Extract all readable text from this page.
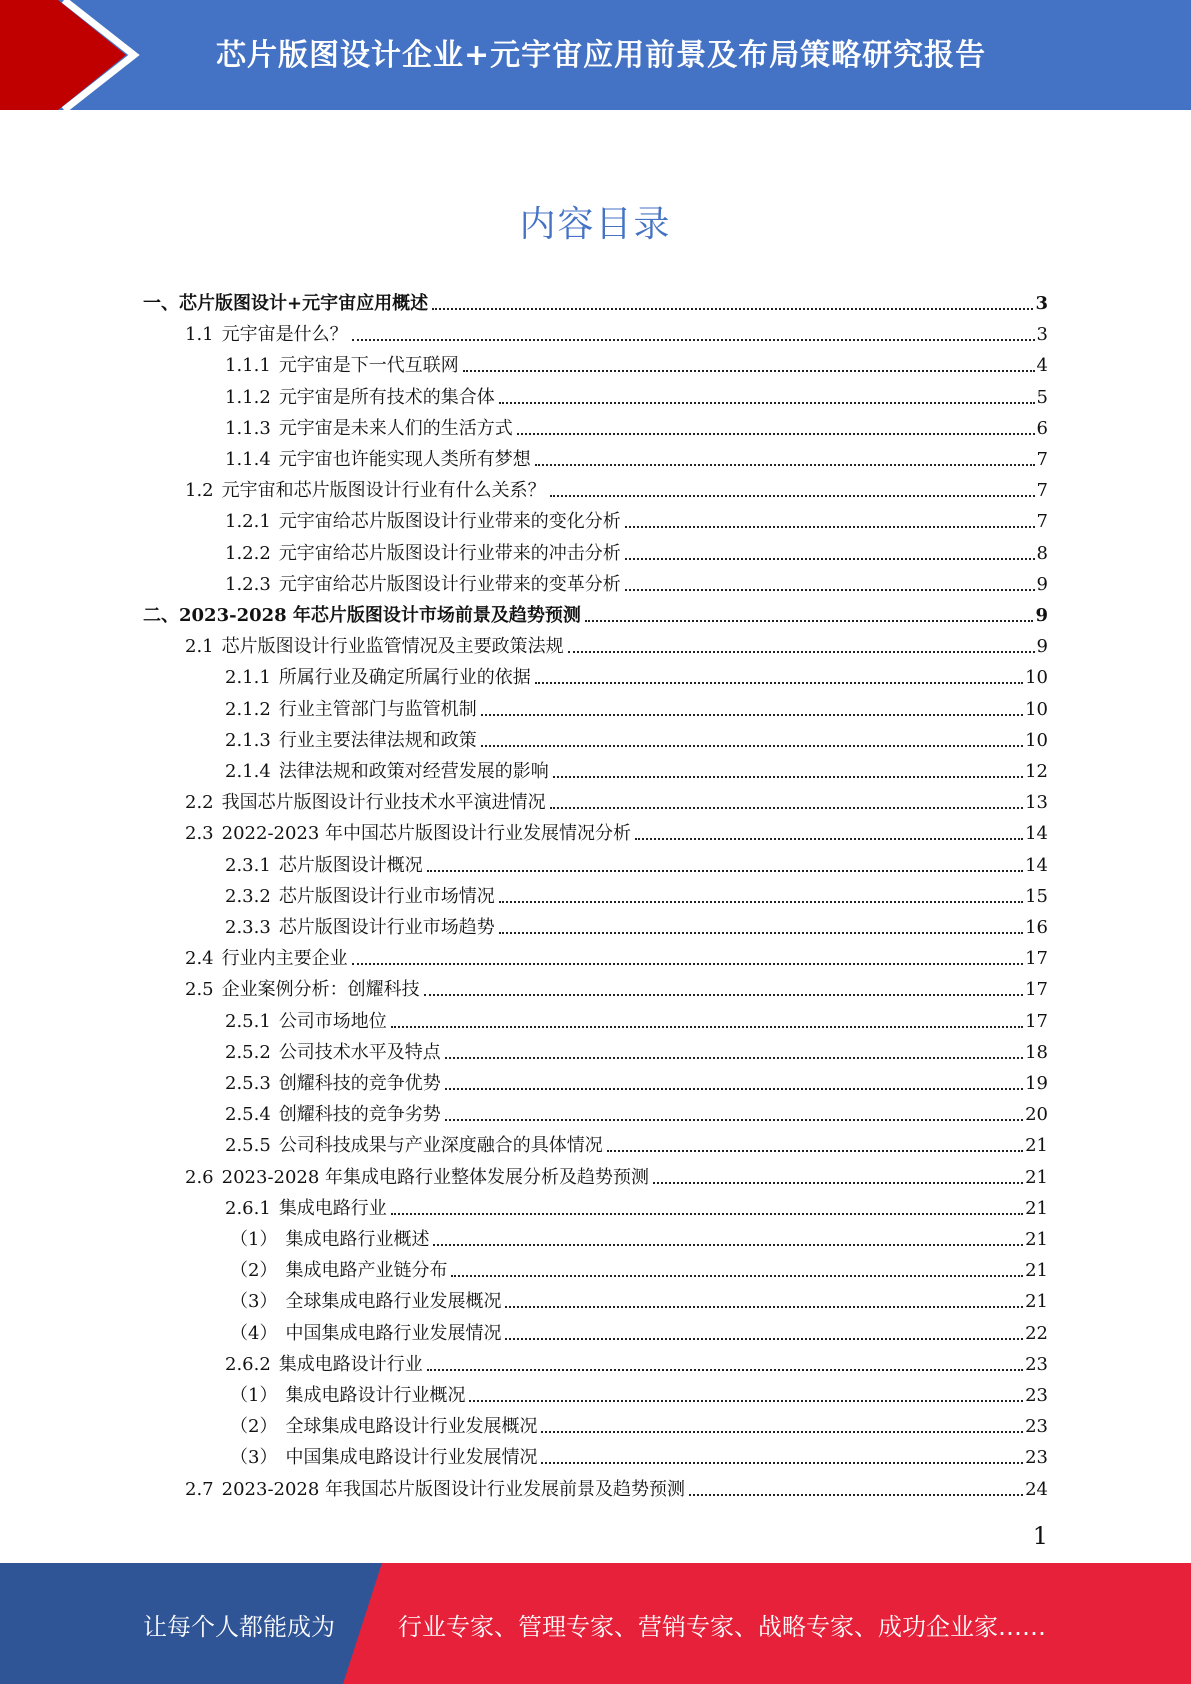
芯片版图设计企业+元宇宙应用前景及布局策略研究报告
内容目录
一、 芯片版图设计+元宇宙应用概述	3
1.1 元宇宙是什么？	3
1.1.1 元宇宙是下一代互联网	4
1.1.2 元宇宙是所有技术的集合体	5
1.1.3 元宇宙是未来人们的生活方式	6
1.1.4 元宇宙也许能实现人类所有梦想	7
1.2 元宇宙和芯片版图设计行业有什么关系？	7
1.2.1 元宇宙给芯片版图设计行业带来的变化分析	7
1.2.2 元宇宙给芯片版图设计行业带来的冲击分析	8
1.2.3 元宇宙给芯片版图设计行业带来的变革分析	9
二、 2023-2028 年芯片版图设计市场前景及趋势预测	9
2.1 芯片版图设计行业监管情况及主要政策法规	9
2.1.1 所属行业及确定所属行业的依据	10
2.1.2 行业主管部门与监管机制	10
2.1.3 行业主要法律法规和政策	10
2.1.4 法律法规和政策对经营发展的影响	12
2.2 我国芯片版图设计行业技术水平演进情况	13
2.3 2022-2023 年中国芯片版图设计行业发展情况分析	14
2.3.1 芯片版图设计概况	14
2.3.2 芯片版图设计行业市场情况	15
2.3.3 芯片版图设计行业市场趋势	16
2.4 行业内主要企业	17
2.5 企业案例分析：创耀科技	17
2.5.1 公司市场地位	17
2.5.2 公司技术水平及特点	18
2.5.3 创耀科技的竞争优势	19
2.5.4 创耀科技的竞争劣势	20
2.5.5 公司科技成果与产业深度融合的具体情况	21
2.6 2023-2028 年集成电路行业整体发展分析及趋势预测	21
2.6.1 集成电路行业	21
（1） 集成电路行业概述	21
（2） 集成电路产业链分布	21
（3） 全球集成电路行业发展概况	21
（4） 中国集成电路行业发展情况	22
2.6.2 集成电路设计行业	23
（1） 集成电路设计行业概况	23
（2） 全球集成电路设计行业发展概况	23
（3） 中国集成电路设计行业发展情况	23
2.7 2023-2028 年我国芯片版图设计行业发展前景及趋势预测	24
1
让每个人都能成为	行业专家、管理专家、营销专家、战略专家、成功企业家……
